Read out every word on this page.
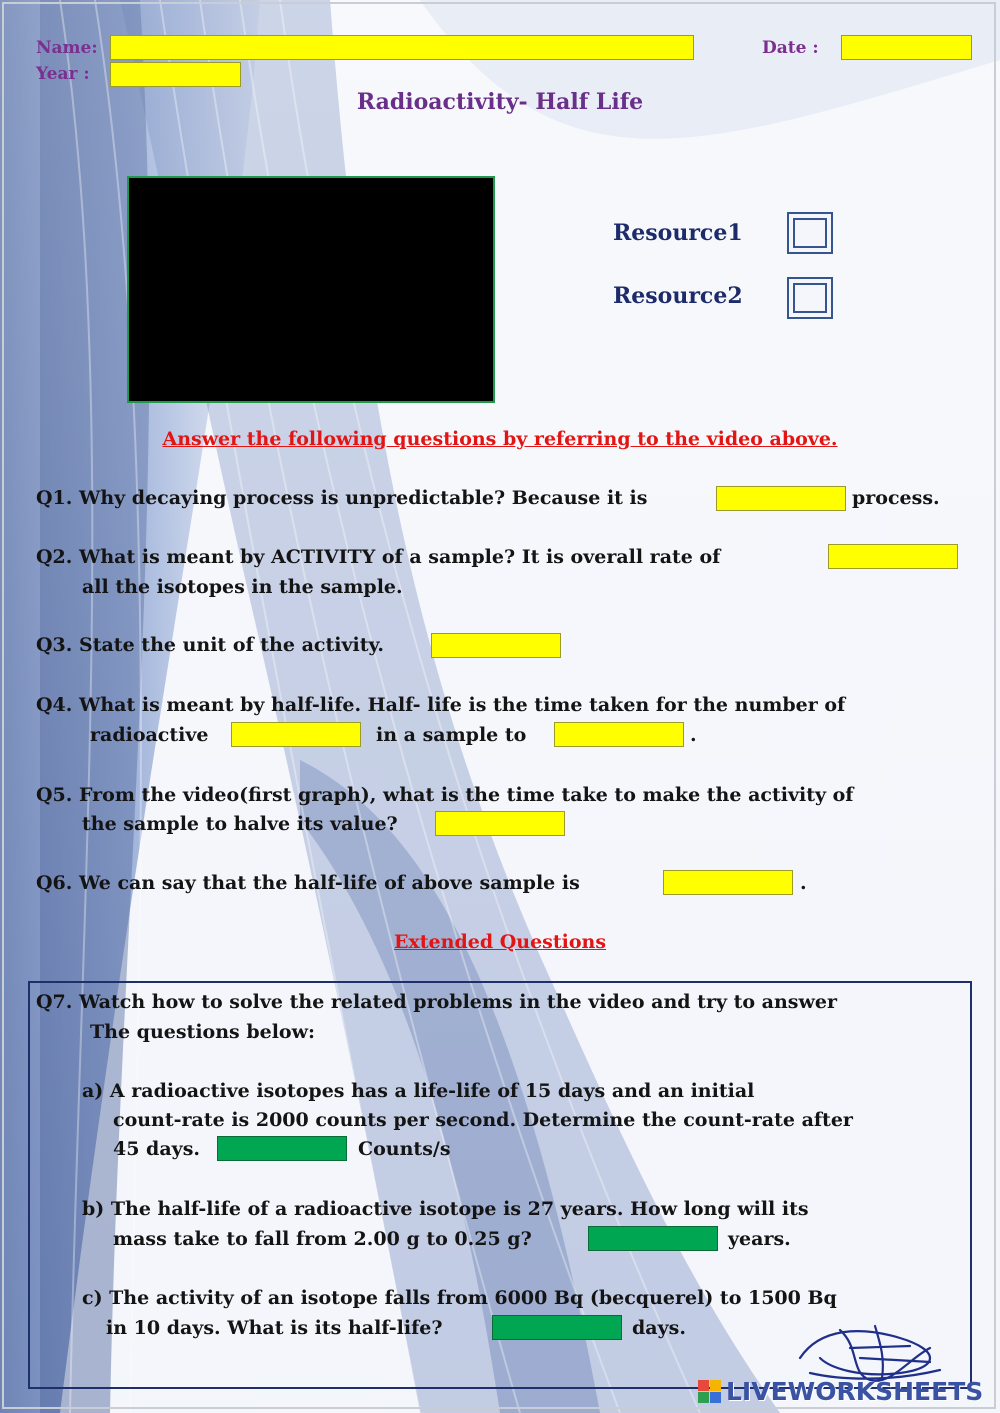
Name:	Date :
Year :
Radioactivity- Half Life
Resource1
Resource2
Answer the following questions by referring to the video above.
Q1. Why decaying process is unpredictable? Because it is	process.
Q2. What is meant by ACTIVITY of a sample? It is overall rate of
all the isotopes in the sample.
Q3. State the unit of the activity.
Q4. What is meant by half-life. Half- life is the time taken for the number of
radioactive	in a sample to	.
Q5. From the video(first graph), what is the time take to make the activity of
the sample to halve its value?
Q6. We can say that the half-life of above sample is	.
Extended Questions
Q7. Watch how to solve the related problems in the video and try to answer
The questions below:
a) A radioactive isotopes has a life-life of 15 days and an initial
count-rate is 2000 counts per second. Determine the count-rate after
45 days.	Counts/s
b) The half-life of a radioactive isotope is 27 years. How long will its
mass take to fall from 2.00 g to 0.25 g?	years.
c) The activity of an isotope falls from 6000 Bq (becquerel) to 1500 Bq
in 10 days. What is its half-life?	days.
LIVEWORKSHEETS
